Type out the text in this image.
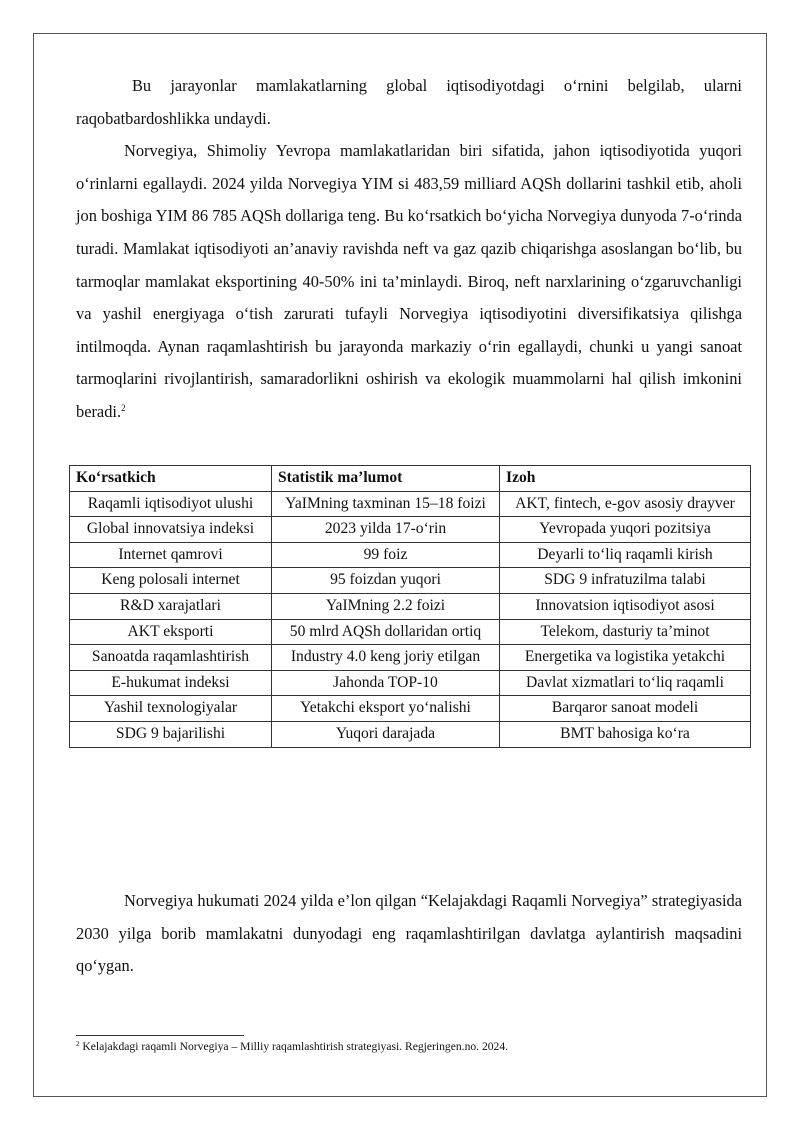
Bu jarayonlar mamlakatlarning global iqtisodiyotdagi o‘rnini belgilab, ularni raqobatbardoshlikka undaydi.

Norvegiya, Shimoliy Yevropa mamlakatlaridan biri sifatida, jahon iqtisodiyotida yuqori o‘rinlarni egallaydi. 2024 yilda Norvegiya YIM si 483,59 milliard AQSh dollarini tashkil etib, aholi jon boshiga YIM 86 785 AQSh dollariga teng. Bu ko‘rsatkich bo‘yicha Norvegiya dunyoda 7-o‘rinda turadi. Mamlakat iqtisodiyoti an’anaviy ravishda neft va gaz qazib chiqarishga asoslangan bo‘lib, bu tarmoqlar mamlakat eksportining 40-50% ini ta’minlaydi. Biroq, neft narxlarining o‘zgaruvchanligi va yashil energiyaga o‘tish zarurati tufayli Norvegiya iqtisodiyotini diversifikatsiya qilishga intilmoqda. Aynan raqamlashtirish bu jarayonda markaziy o‘rin egallaydi, chunki u yangi sanoat tarmoqlarini rivojlantirish, samaradorlikni oshirish va ekologik muammolarni hal qilish imkonini beradi.$^2$

Ko‘rsatkich	Statistik ma’lumot	Izoh
Raqamli iqtisodiyot ulushi	YaIMning taxminan 15–18 foizi	AKT, fintech, e-gov asosiy drayver
Global innovatsiya indeksi	2023 yilda 17-o‘rin	Yevropada yuqori pozitsiya
Internet qamrovi	99 foiz	Deyarli to‘liq raqamli kirish
Keng polosali internet	95 foizdan yuqori	SDG 9 infratuzilma talabi
R&D xarajatlari	YaIMning 2.2 foizi	Innovatsion iqtisodiyot asosi
AKT eksporti	50 mlrd AQSh dollaridan ortiq	Telekom, dasturiy ta’minot
Sanoatda raqamlashtirish	Industry 4.0 keng joriy etilgan	Energetika va logistika yetakchi
E-hukumat indeksi	Jahonda TOP-10	Davlat xizmatlari to‘liq raqamli
Yashil texnologiyalar	Yetakchi eksport yo‘nalishi	Barqaror sanoat modeli
SDG 9 bajarilishi	Yuqori darajada	BMT bahosiga ko‘ra

Norvegiya hukumati 2024 yilda e’lon qilgan “Kelajakdagi Raqamli Norvegiya” strategiyasida 2030 yilga borib mamlakatni dunyodagi eng raqamlashtirilgan davlatga aylantirish maqsadini qo‘ygan.

$^2$ Kelajakdagi raqamli Norvegiya – Milliy raqamlashtirish strategiyasi. Regjeringen.no. 2024.
